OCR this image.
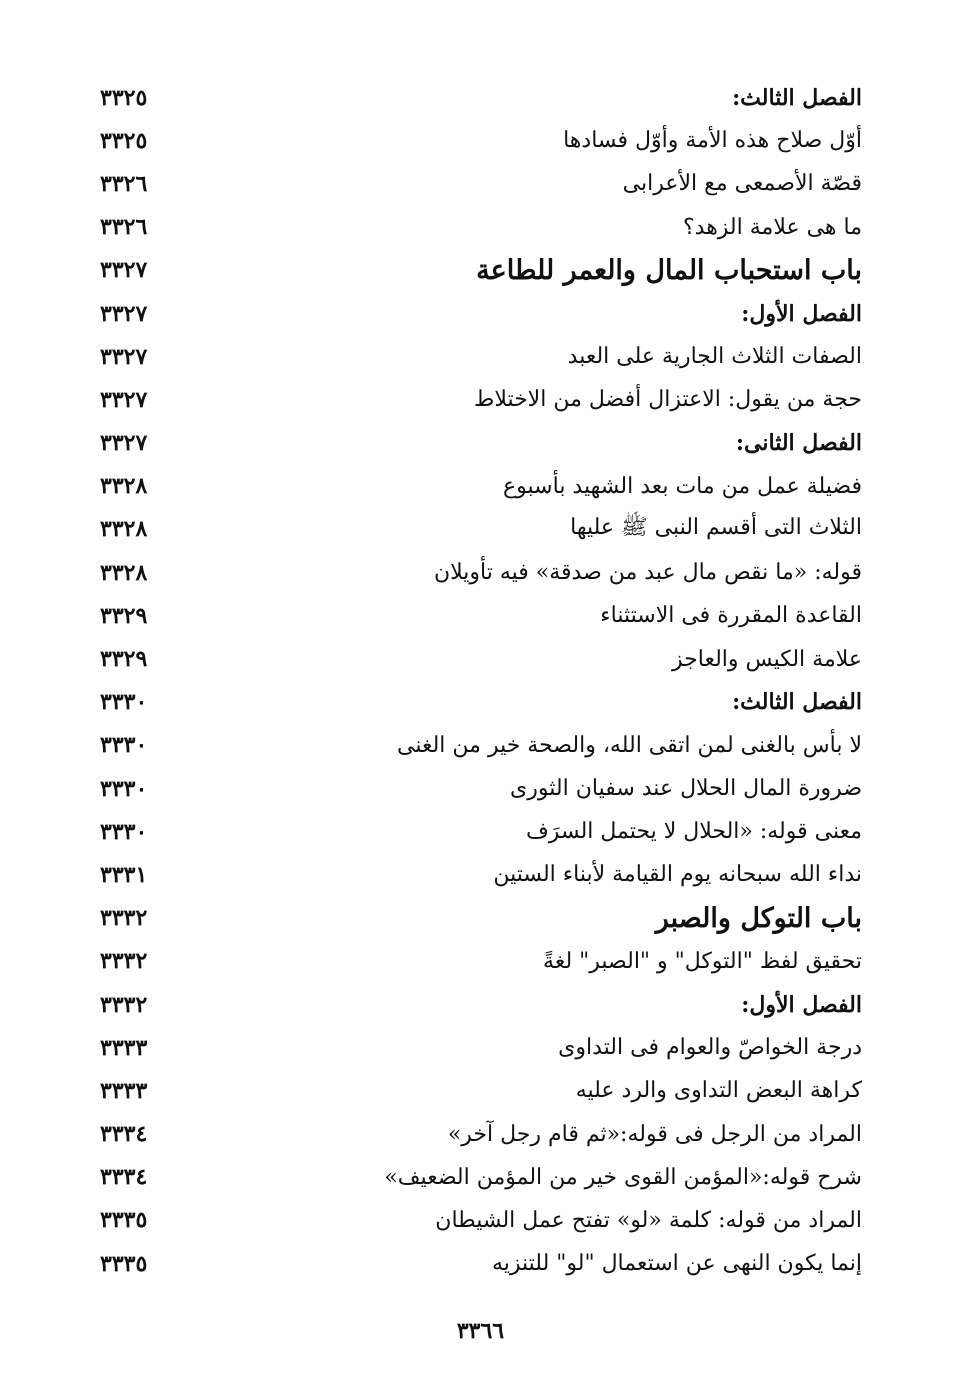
الفصل الثالث:
٣٣٢٥
أوّل صلاح هذه الأمة وأوّل فسادها
٣٣٢٥
قصّة الأصمعى مع الأعرابى
٣٣٢٦
ما هى علامة الزهد؟
٣٣٢٦
باب استحباب المال والعمر للطاعة
٣٣٢٧
الفصل الأول:
٣٣٢٧
الصفات الثلاث الجارية على العبد
٣٣٢٧
حجة من يقول: الاعتزال أفضل من الاختلاط
٣٣٢٧
الفصل الثانى:
٣٣٢٧
فضيلة عمل من مات بعد الشهيد بأسبوع
٣٣٢٨
الثلاث التى أقسم النبى ﷺ عليها
٣٣٢٨
قوله: «ما نقص مال عبد من صدقة» فيه تأويلان
٣٣٢٨
القاعدة المقررة فى الاستثناء
٣٣٢٩
علامة الكيس والعاجز
٣٣٢٩
الفصل الثالث:
٣٣٣٠
لا بأس بالغنى لمن اتقى الله، والصحة خير من الغنى
٣٣٣٠
ضرورة المال الحلال عند سفيان الثورى
٣٣٣٠
معنى قوله: «الحلال لا يحتمل السرَف
٣٣٣٠
نداء الله سبحانه يوم القيامة لأبناء الستين
٣٣٣١
باب التوكل والصبر
٣٣٣٢
تحقيق لفظ "التوكل" و "الصبر" لغةً
٣٣٣٢
الفصل الأول:
٣٣٣٢
درجة الخواصّ والعوام فى التداوى
٣٣٣٣
كراهة البعض التداوى والرد عليه
٣٣٣٣
المراد من الرجل فى قوله:«ثم قام رجل آخر»
٣٣٣٤
شرح قوله:«المؤمن القوى خير من المؤمن الضعيف»
٣٣٣٤
المراد من قوله: كلمة «لو» تفتح عمل الشيطان
٣٣٣٥
إنما يكون النهى عن استعمال "لو" للتنزيه
٣٣٣٥
٣٣٦٦
